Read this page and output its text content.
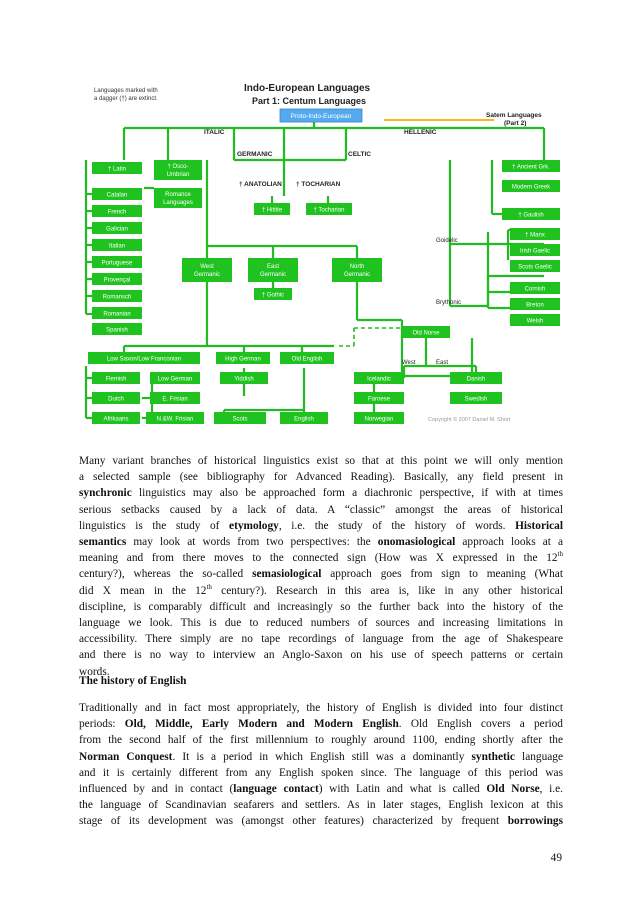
Indo-European Languages
Part 1: Centum Languages
Languages marked with
a dagger (†) are extinct.
Satem Languages
(Part 2)
Proto-Indo-European
ITALIC	HELLENIC
GERMANIC	CELTIC
† ANATOLIAN † TOCHARIAN
Goidelic
Brythonic
West	East
Copyright © 2007 Daniel M. Short
† Latin	† Osco-
Umbrian
Catalan
French
Galician
Italian
Portuguese
Provençal
Romansch
Romanian
Spanish
Romance
Languages
† Hittite	† Tocharian
West
Germanic
East
Germanic
North
Germanic
† Gothic
† Ancient Grk.
Modern Greek
† Gaulish
† Manx
Irish Gaelic
Scots Gaelic
Cornish
Breton
Welsh
Old Norse
Low Saxon/Low Franconian	High German	Old English
Flemish	Low German	Yiddish
Dutch	E. Frisian
Afrikaans	N.&W. Frisian	Scots	English
Icelandic
Faroese
Norwegian
Danish
Swedish
Many variant branches of historical linguistics exist so that at this point we will only mention
a selected sample (see bibliography for Advanced Reading). Basically, any field present in
synchronic linguistics may also be approached form a diachronic perspective, if with at times
serious setbacks caused by a lack of data. A “classic” amongst the areas of historical
linguistics is the study of etymology, i.e. the study of the history of words. Historical
semantics may look at words from two perspectives: the onomasiological approach looks at a
meaning and from there moves to the connected sign (How was X expressed in the 12th
century?), whereas the so-called semasiological approach goes from sign to meaning (What
did X mean in the 12th century?). Research in this area is, like in any other historical
discipline, is comparably difficult and increasingly so the further back into the history of the
language we look. This is due to reduced numbers of sources and increasing limitations in
accessibility. There simply are no tape recordings of language from the age of Shakespeare
and there is no way to interview an Anglo-Saxon on his use of speech patterns or certain
words.
The history of English
Traditionally and in fact most appropriately, the history of English is divided into four distinct
periods: Old, Middle, Early Modern and Modern English. Old English covers a period
from the second half of the first millennium to roughly around 1100, ending shortly after the
Norman Conquest. It is a period in which English still was a dominantly synthetic language
and it is certainly different from any English spoken since. The language of this period was
influenced by and in contact (language contact) with Latin and what is called Old Norse, i.e.
the language of Scandinavian seafarers and settlers. As in later stages, English lexicon at this
stage of its development was (amongst other features) characterized by frequent borrowings
49
